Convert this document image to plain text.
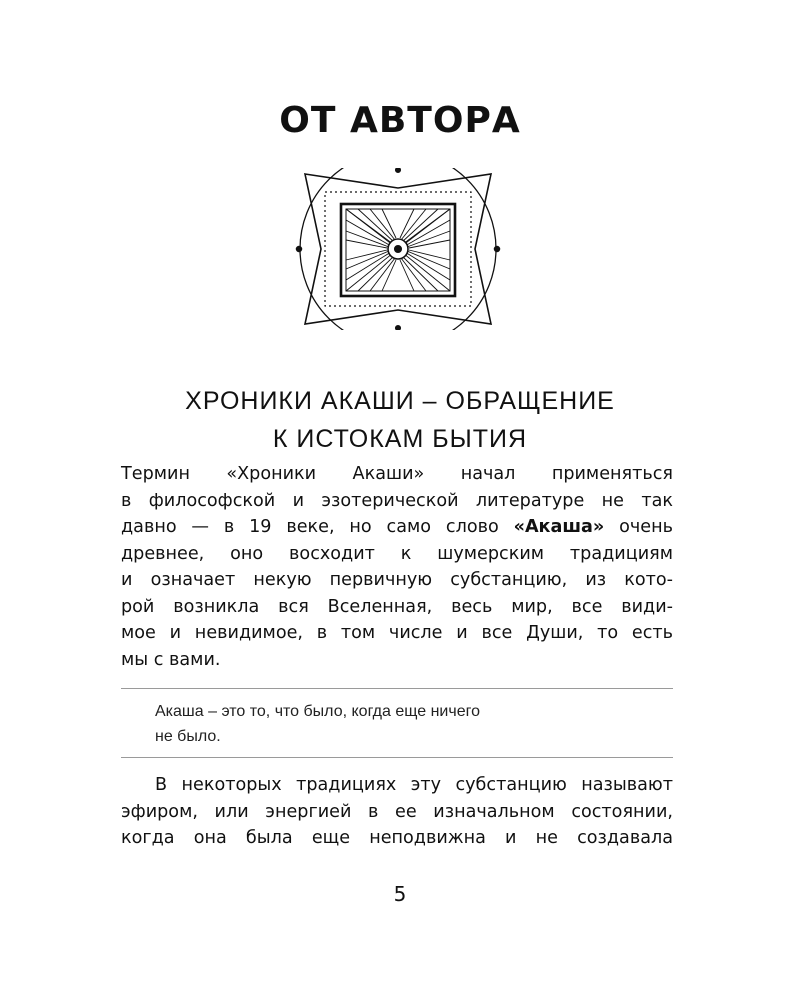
ОТ АВТОРА
ХРОНИКИ АКАШИ – ОБРАЩЕНИЕ
К ИСТОКАМ БЫТИЯ
Термин «Хроники Акаши» начал применяться
в философской и эзотерической литературе не так
давно — в 19 веке, но само слово «Акаша» очень
древнее, оно восходит к шумерским традициям
и означает некую первичную субстанцию, из кото-
рой возникла вся Вселенная, весь мир, все види-
мое и невидимое, в том числе и все Души, то есть
мы с вами.
Акаша – это то, что было, когда еще ничего
не было.
В некоторых традициях эту субстанцию называют
эфиром, или энергией в ее изначальном состоянии,
когда она была еще неподвижна и не создавала
5
